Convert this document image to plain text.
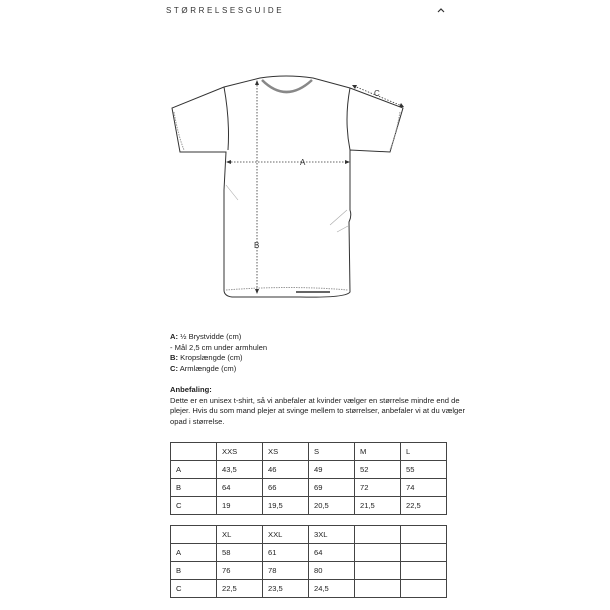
STØRRELSESGUIDE
A
B
C
A: ½ Brystvidde (cm)
- Mål 2,5 cm under armhulen
B: Kropslængde (cm)
C: Armlængde (cm)
Anbefaling:
Dette er en unisex t-shirt, så vi anbefaler at kvinder vælger en størrelse mindre end de plejer. Hvis du som mand plejer at svinge mellem to størrelser, anbefaler vi at du vælger opad i størrelse.
	XXS	XS	S	M	L
A	43,5	46	49	52	55
B	64	66	69	72	74
C	19	19,5	20,5	21,5	22,5
	XL	XXL	3XL		
A	58	61	64		
B	76	78	80		
C	22,5	23,5	24,5		
